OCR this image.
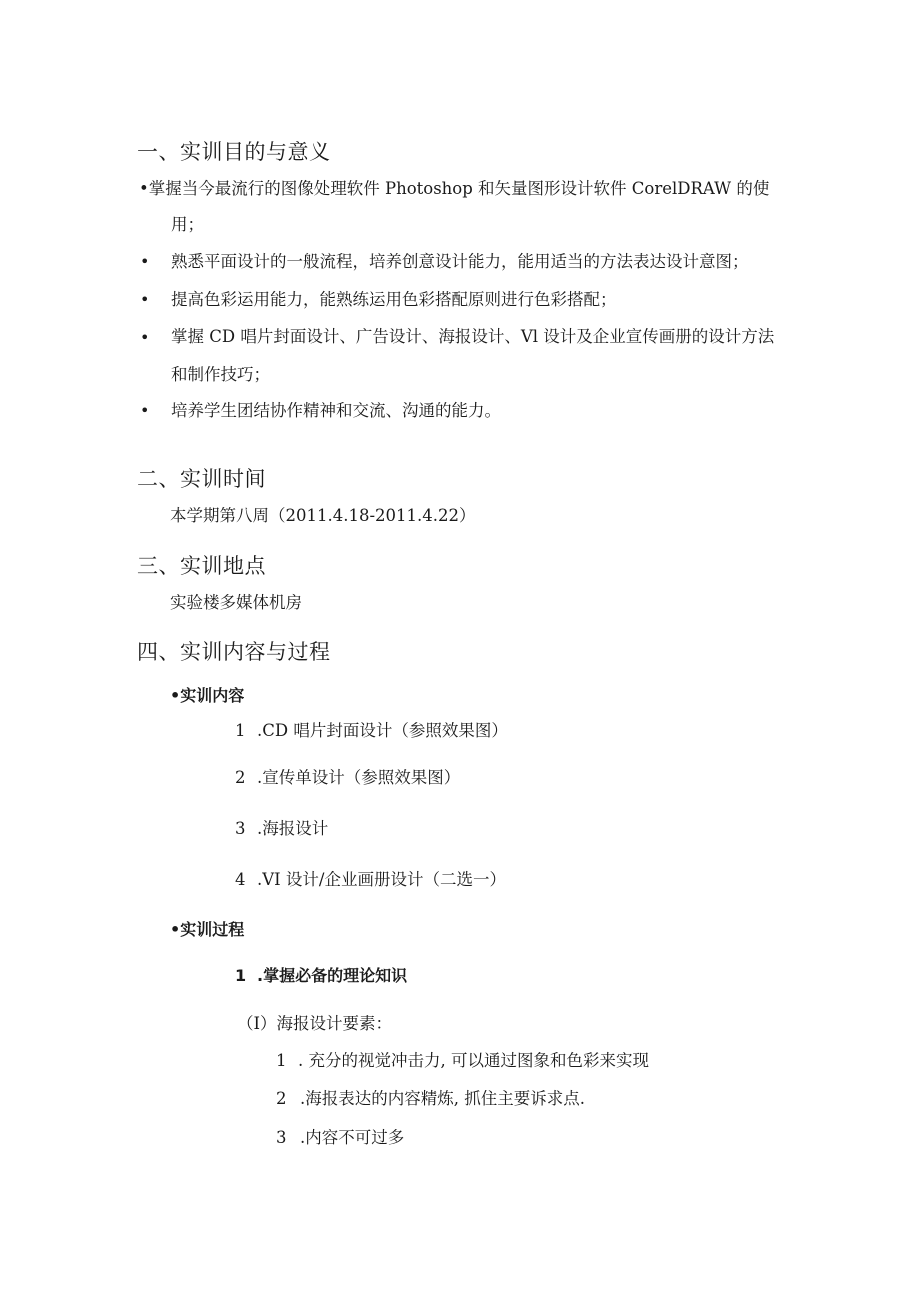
一、实训目的与意义
•掌握当今最流行的图像处理软件 Photoshop 和矢量图形设计软件 CorelDRAW 的使
用；
• 熟悉平面设计的一般流程，培养创意设计能力，能用适当的方法表达设计意图；
• 提高色彩运用能力，能熟练运用色彩搭配原则进行色彩搭配；
• 掌握 CD 唱片封面设计、广告设计、海报设计、Vl 设计及企业宣传画册的设计方法
和制作技巧；
• 培养学生团结协作精神和交流、沟通的能力。
二、实训时间
本学期第八周（2011.4.18-2011.4.22）
三、实训地点
实验楼多媒体机房
四、实训内容与过程
•实训内容
1 .CD 唱片封面设计（参照效果图）
2 .宣传单设计（参照效果图）
3 .海报设计
4 .VI 设计/企业画册设计（二选一）
•实训过程
1 .掌握必备的理论知识
（I）海报设计要素：
1 . 充分的视觉冲击力, 可以通过图象和色彩来实现
2 .海报表达的内容精炼, 抓住主要诉求点.
3 .内容不可过多
